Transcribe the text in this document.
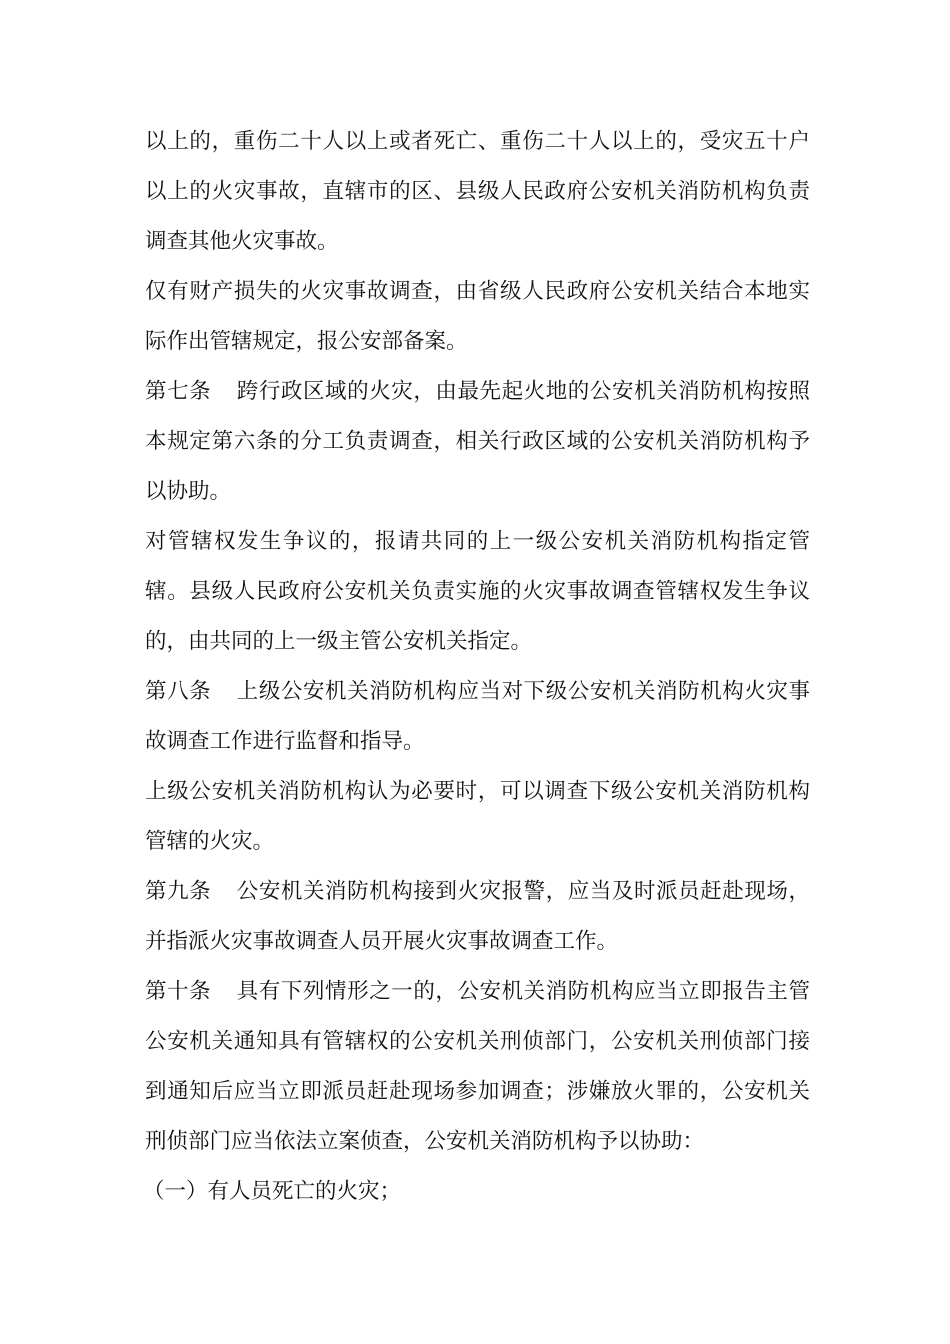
以上的，重伤二十人以上或者死亡、重伤二十人以上的，受灾五十户以上的火灾事故，直辖市的区、县级人民政府公安机关消防机构负责调查其他火灾事故。

仅有财产损失的火灾事故调查，由省级人民政府公安机关结合本地实际作出管辖规定，报公安部备案。

第七条 跨行政区域的火灾，由最先起火地的公安机关消防机构按照本规定第六条的分工负责调查，相关行政区域的公安机关消防机构予以协助。

对管辖权发生争议的，报请共同的上一级公安机关消防机构指定管辖。县级人民政府公安机关负责实施的火灾事故调查管辖权发生争议的，由共同的上一级主管公安机关指定。

第八条 上级公安机关消防机构应当对下级公安机关消防机构火灾事故调查工作进行监督和指导。

上级公安机关消防机构认为必要时，可以调查下级公安机关消防机构管辖的火灾。

第九条 公安机关消防机构接到火灾报警，应当及时派员赶赴现场，并指派火灾事故调查人员开展火灾事故调查工作。

第十条 具有下列情形之一的，公安机关消防机构应当立即报告主管公安机关通知具有管辖权的公安机关刑侦部门，公安机关刑侦部门接到通知后应当立即派员赶赴现场参加调查；涉嫌放火罪的，公安机关刑侦部门应当依法立案侦查，公安机关消防机构予以协助：

（一）有人员死亡的火灾；
